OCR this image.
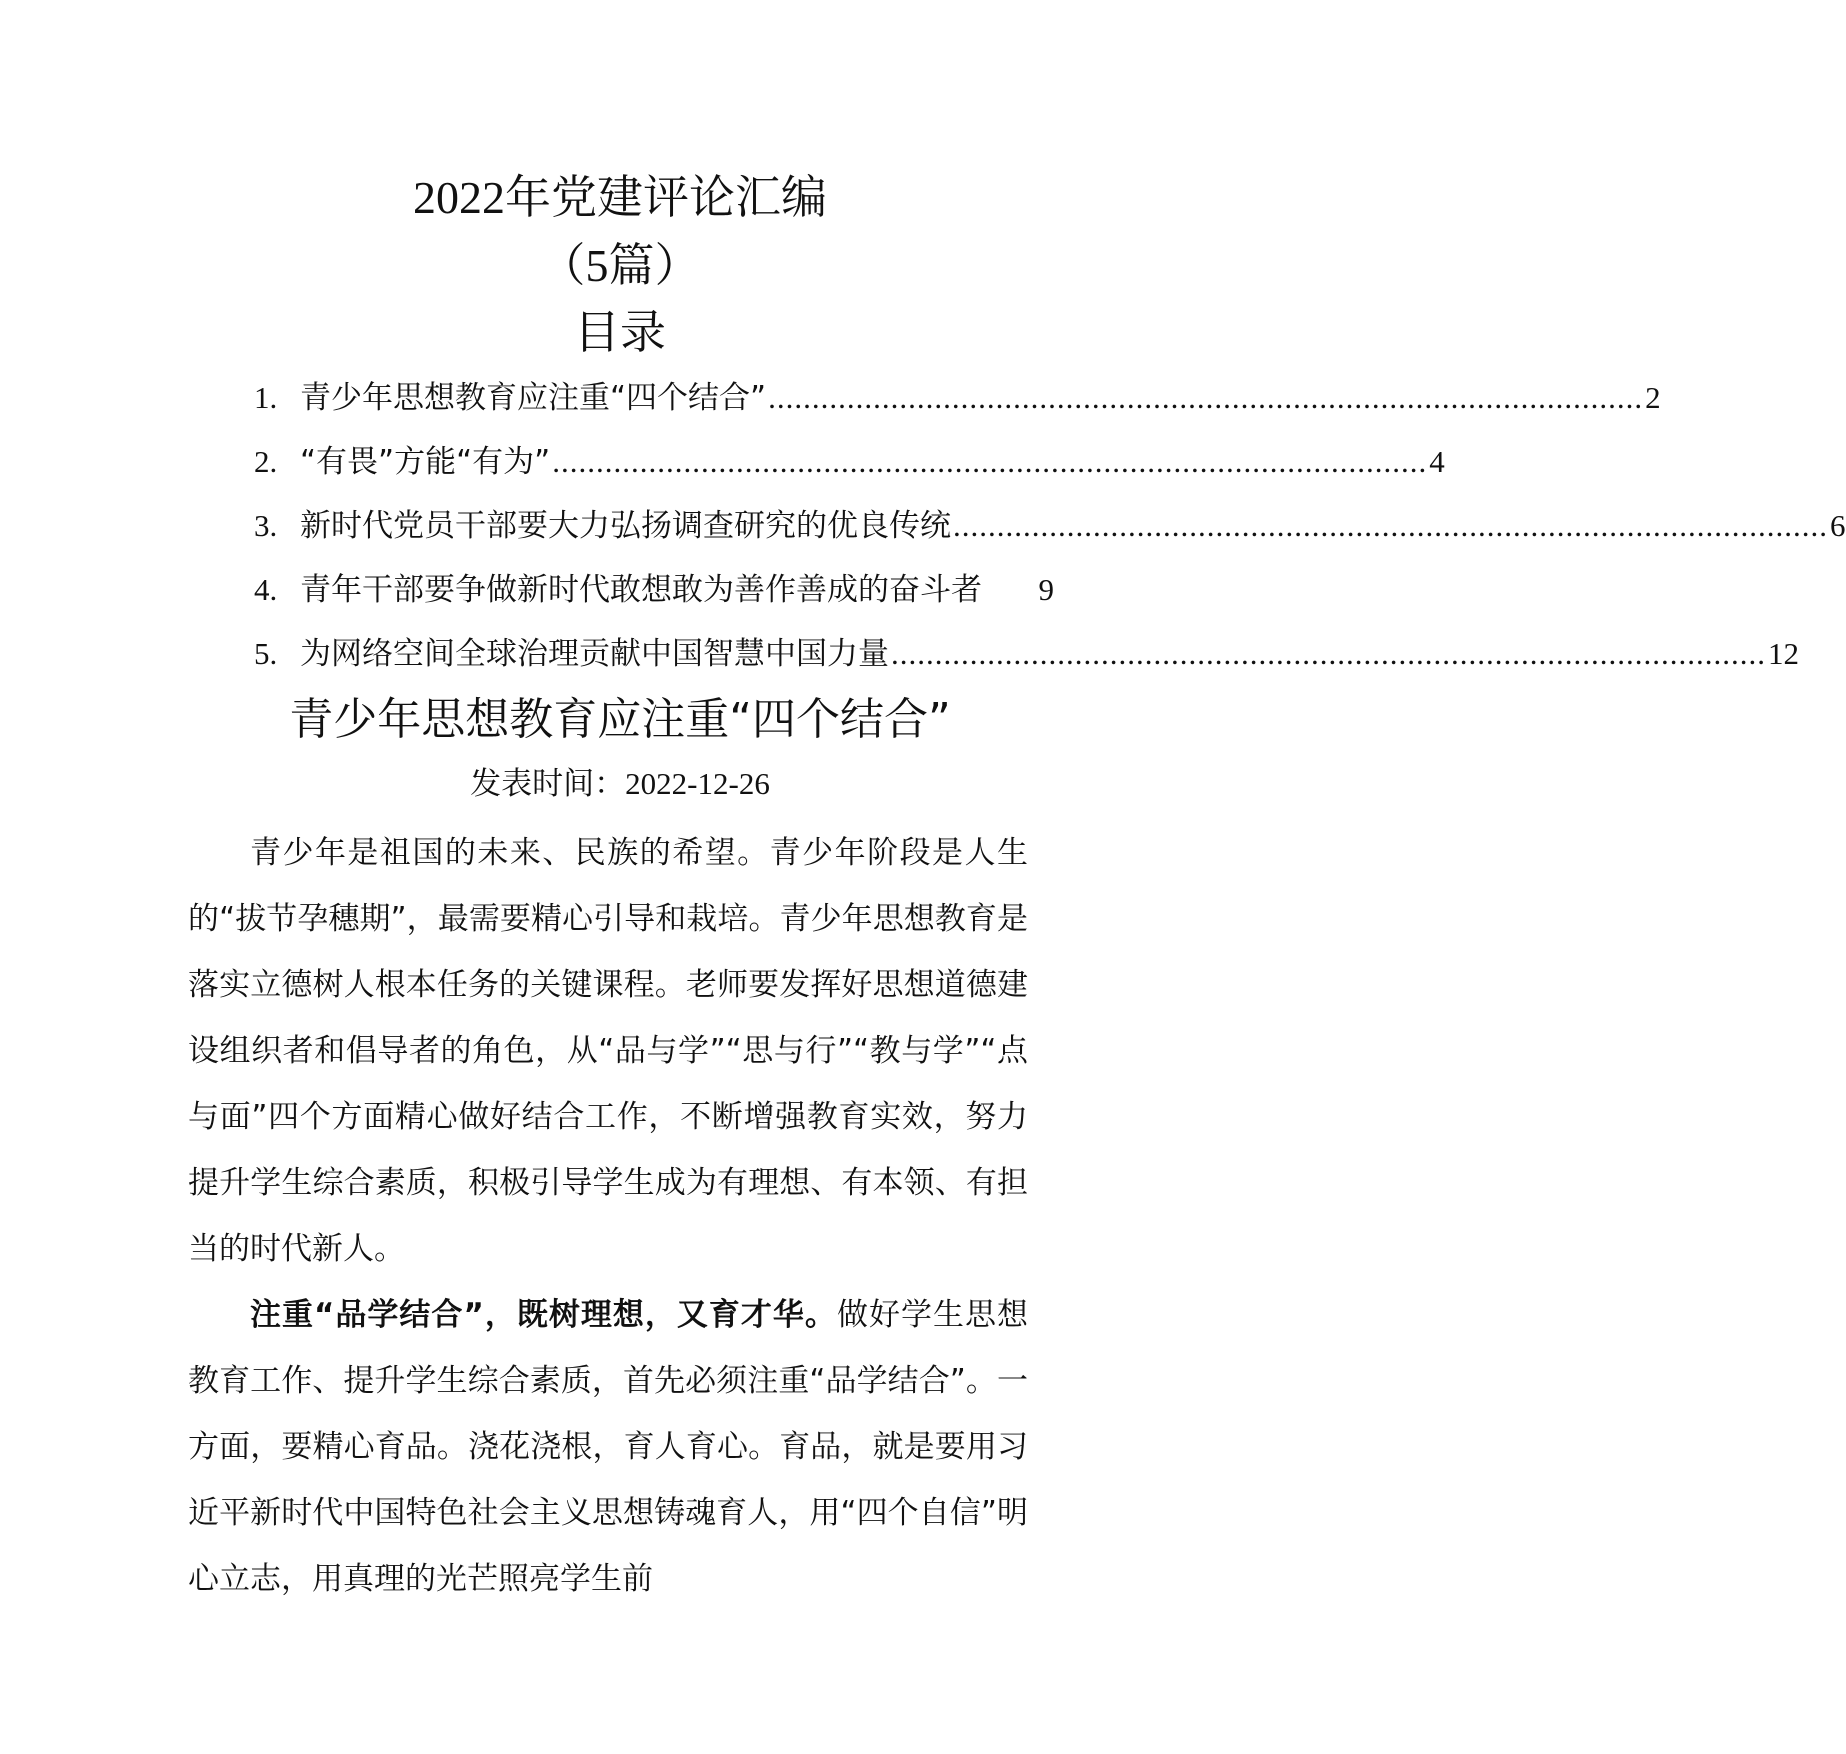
2022年党建评论汇编
（5篇）
目录
1. 青少年思想教育应注重“四个结合” .................................................................................................... 2
2. “有畏”方能“有为” .................................................................................................... 4
3. 新时代党员干部要大力弘扬调查研究的优良传统 .................................................................................................... 6
4. 青年干部要争做新时代敢想敢为善作善成的奋斗者 9
5. 为网络空间全球治理贡献中国智慧中国力量 .................................................................................................... 12
青少年思想教育应注重“四个结合”
发表时间：2022-12-26

青少年是祖国的未来、民族的希望。青少年阶段是人生的“拔节孕穗期”，最需要精心引导和栽培。青少年思想教育是落实立德树人根本任务的关键课程。老师要发挥好思想道德建设组织者和倡导者的角色，从“品与学”“思与行”“教与学”“点与面”四个方面精心做好结合工作，不断增强教育实效，努力提升学生综合素质，积极引导学生成为有理想、有本领、有担当的时代新人。

注重“品学结合”，既树理想，又育才华。做好学生思想教育工作、提升学生综合素质，首先必须注重“品学结合”。一方面，要精心育品。浇花浇根，育人育心。育品，就是要用习近平新时代中国特色社会主义思想铸魂育人，用“四个自信”明心立志，用真理的光芒照亮学生前
